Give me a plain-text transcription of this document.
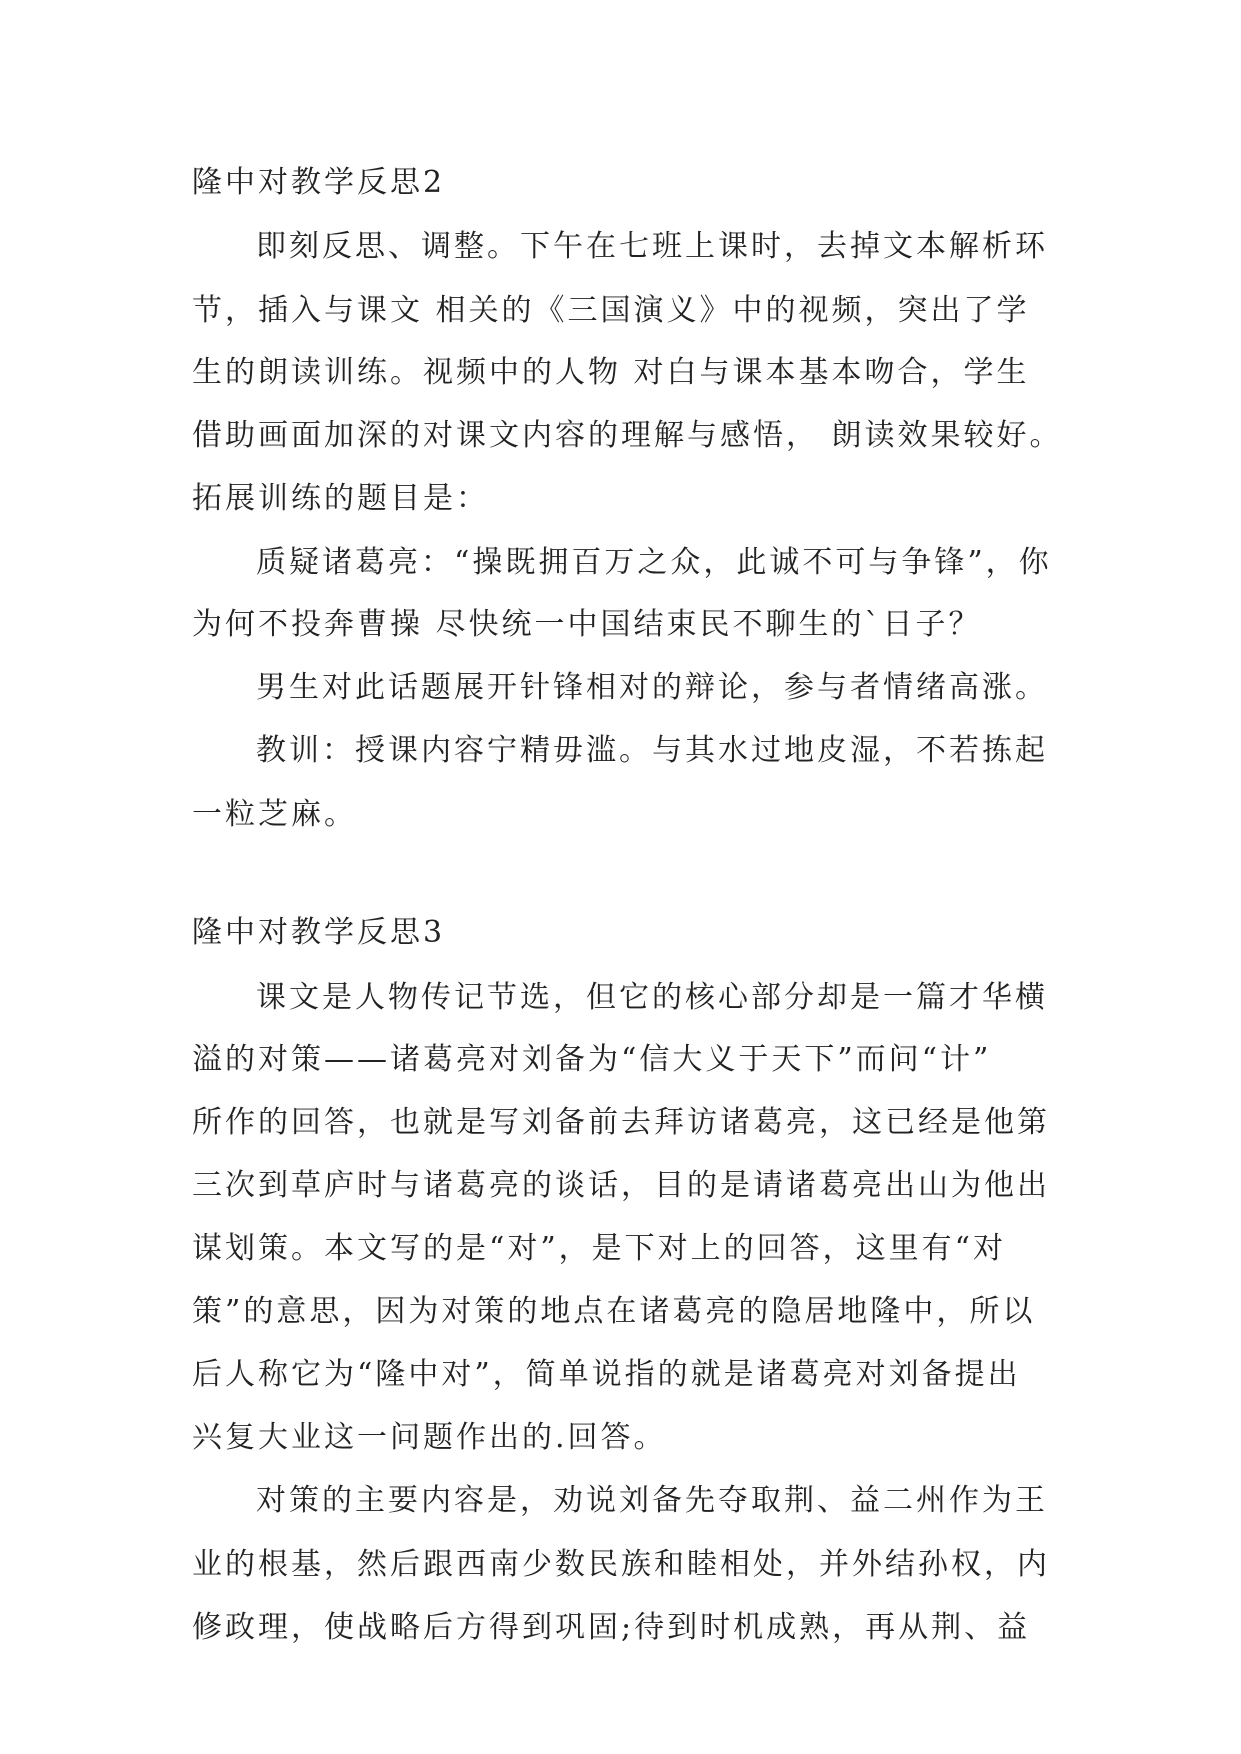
隆中对教学反思2

即刻反思、调整。下午在七班上课时，去掉文本解析环

节，插入与课文 相关的《三国演义》中的视频，突出了学

生的朗读训练。视频中的人物 对白与课本基本吻合，学生

借助画面加深的对课文内容的理解与感悟， 朗读效果较好。

拓展训练的题目是：

质疑诸葛亮：“操既拥百万之众，此诚不可与争锋”，你

为何不投奔曹操 尽快统一中国结束民不聊生的`日子？

男生对此话题展开针锋相对的辩论，参与者情绪高涨。

教训：授课内容宁精毋滥。与其水过地皮湿，不若拣起

一粒芝麻。

隆中对教学反思3

课文是人物传记节选，但它的核心部分却是一篇才华横

溢的对策——诸葛亮对刘备为“信大义于天下”而问“计”

所作的回答，也就是写刘备前去拜访诸葛亮，这已经是他第

三次到草庐时与诸葛亮的谈话，目的是请诸葛亮出山为他出

谋划策。本文写的是“对”，是下对上的回答，这里有“对

策”的意思，因为对策的地点在诸葛亮的隐居地隆中，所以

后人称它为“隆中对”，简单说指的就是诸葛亮对刘备提出

兴复大业这一问题作出的.回答。

对策的主要内容是，劝说刘备先夺取荆、益二州作为王

业的根基，然后跟西南少数民族和睦相处，并外结孙权，内

修政理，使战略后方得到巩固;待到时机成熟，再从荆、益
